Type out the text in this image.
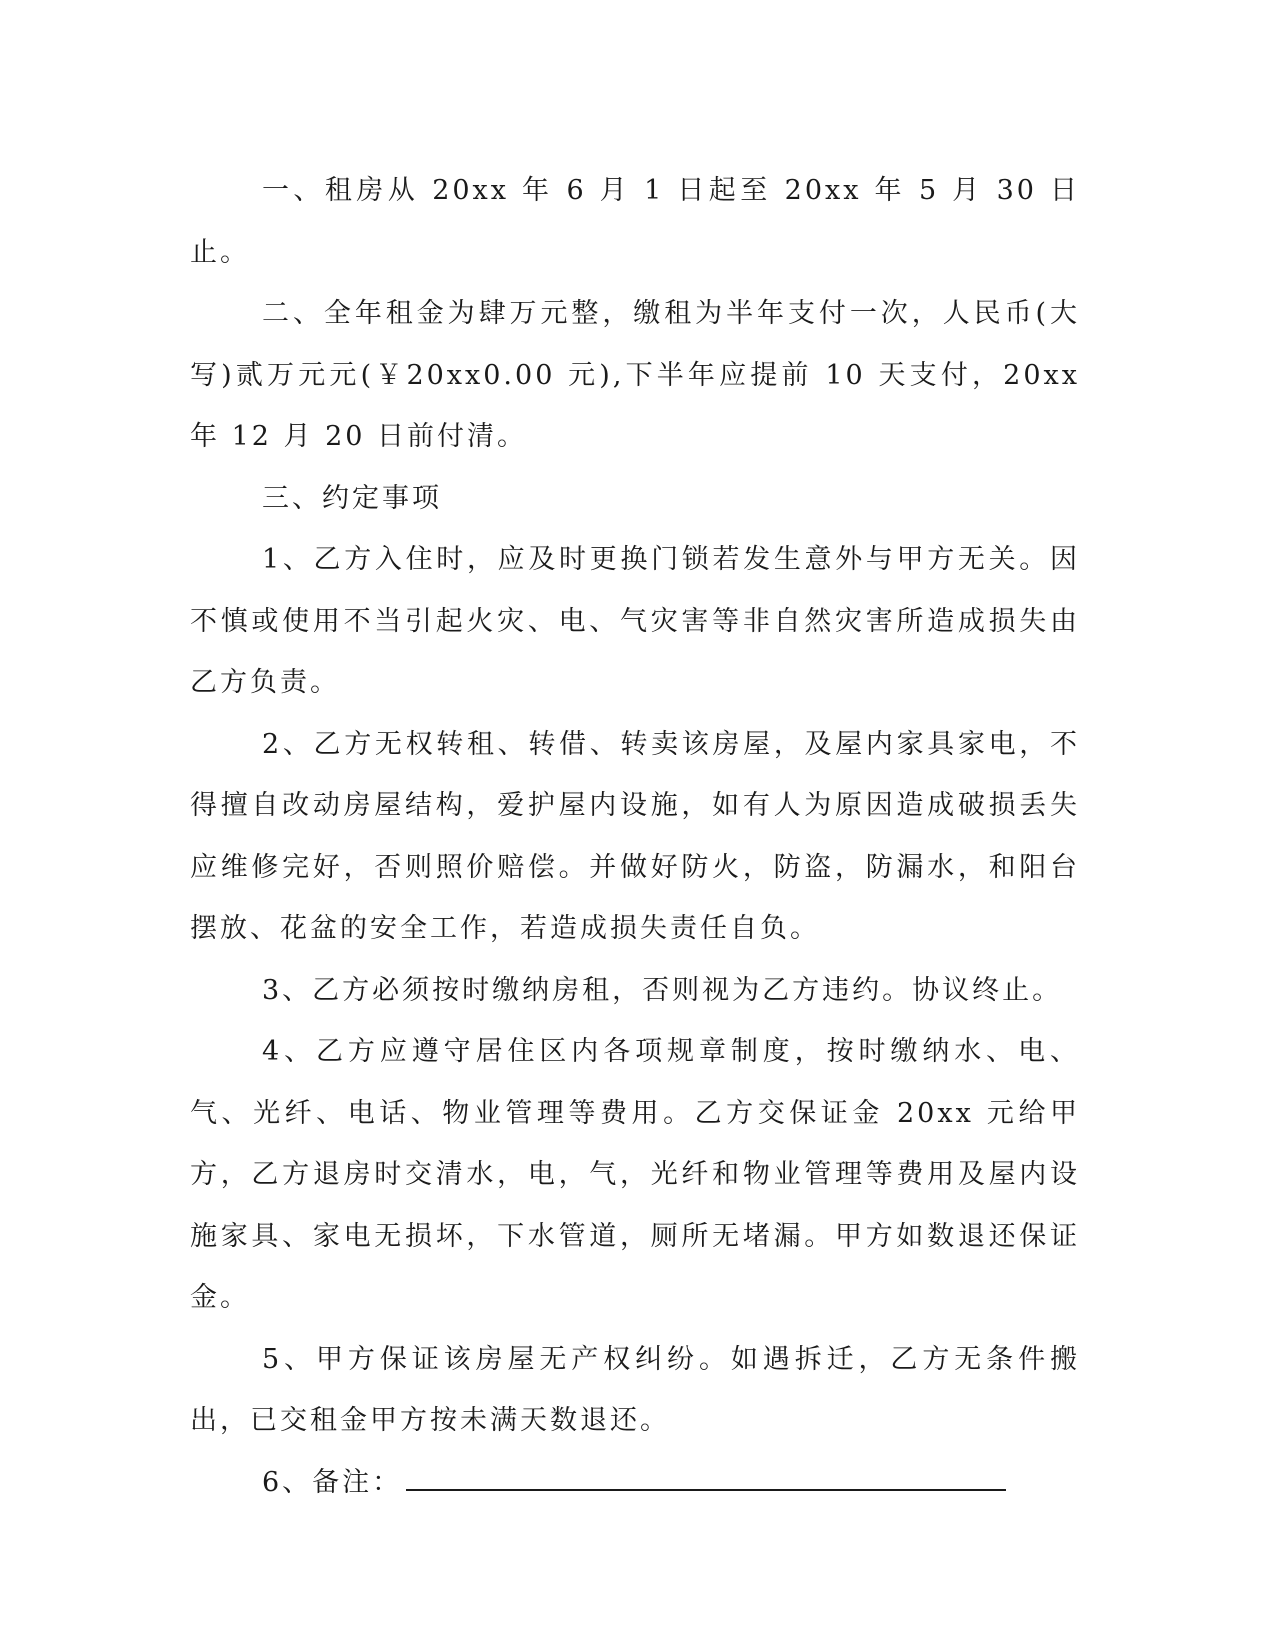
一、租房从 20xx 年 6 月 1 日起至 20xx 年 5 月 30 日止。

二、全年租金为肆万元整，缴租为半年支付一次，人民币(大写)贰万元元(￥20xx0.00 元),下半年应提前 10 天支付，20xx 年 12 月 20 日前付清。

三、约定事项

1、乙方入住时，应及时更换门锁若发生意外与甲方无关。因不慎或使用不当引起火灾、电、气灾害等非自然灾害所造成损失由乙方负责。

2、乙方无权转租、转借、转卖该房屋，及屋内家具家电，不得擅自改动房屋结构，爱护屋内设施，如有人为原因造成破损丢失应维修完好，否则照价赔偿。并做好防火，防盗，防漏水，和阳台摆放、花盆的安全工作，若造成损失责任自负。

3、乙方必须按时缴纳房租，否则视为乙方违约。协议终止。

4、乙方应遵守居住区内各项规章制度，按时缴纳水、电、气、光纤、电话、物业管理等费用。乙方交保证金 20xx 元给甲方，乙方退房时交清水，电，气，光纤和物业管理等费用及屋内设施家具、家电无损坏，下水管道，厕所无堵漏。甲方如数退还保证金。

5、甲方保证该房屋无产权纠纷。如遇拆迁，乙方无条件搬出，已交租金甲方按未满天数退还。

6、备注：
